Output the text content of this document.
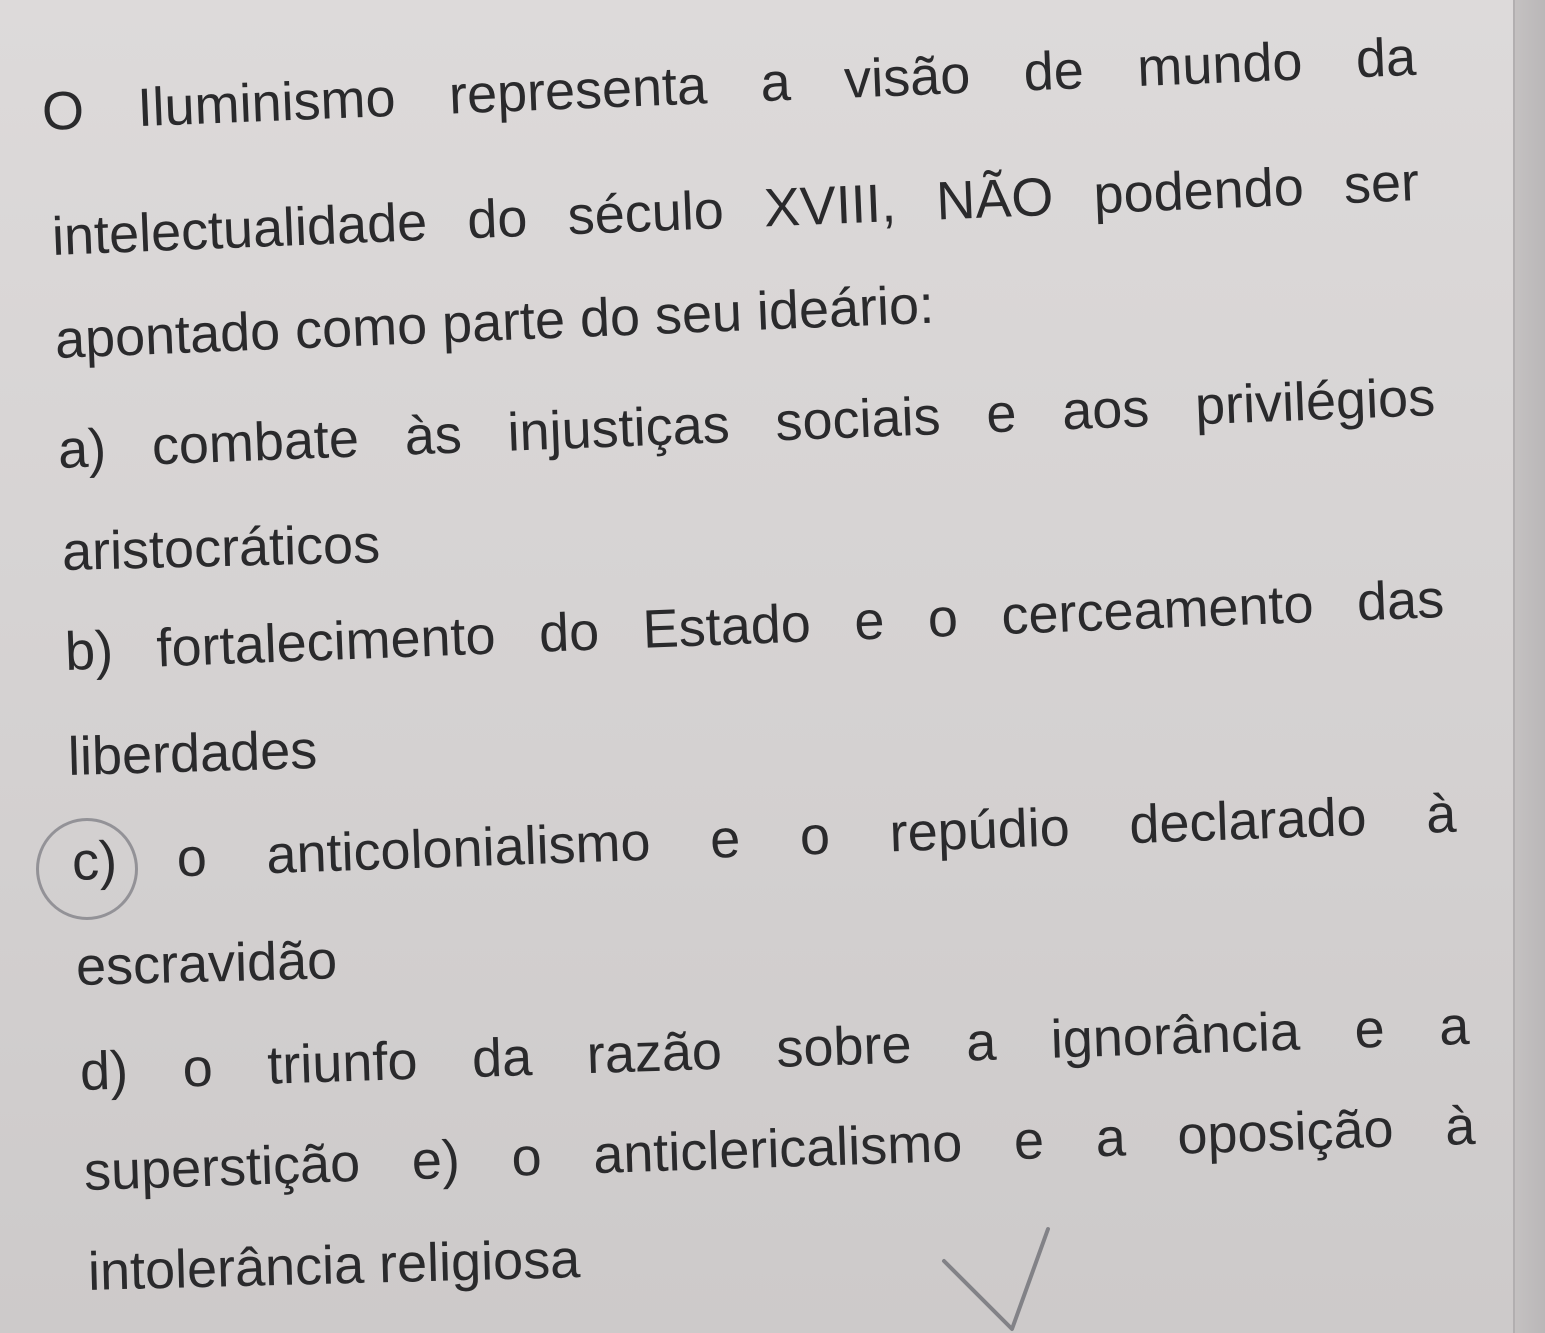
O Iluminismo representa a visão de mundo da

intelectualidade do século XVIII, NÃO podendo ser

apontado como parte do seu ideário:

a) combate às injustiças sociais e aos privilégios

aristocráticos

b) fortalecimento do Estado e o cerceamento das

liberdades

c) o anticolonialismo e o repúdio declarado à

escravidão

d) o triunfo da razão sobre a ignorância e a

superstição e) o anticlericalismo e a oposição à

intolerância religiosa
